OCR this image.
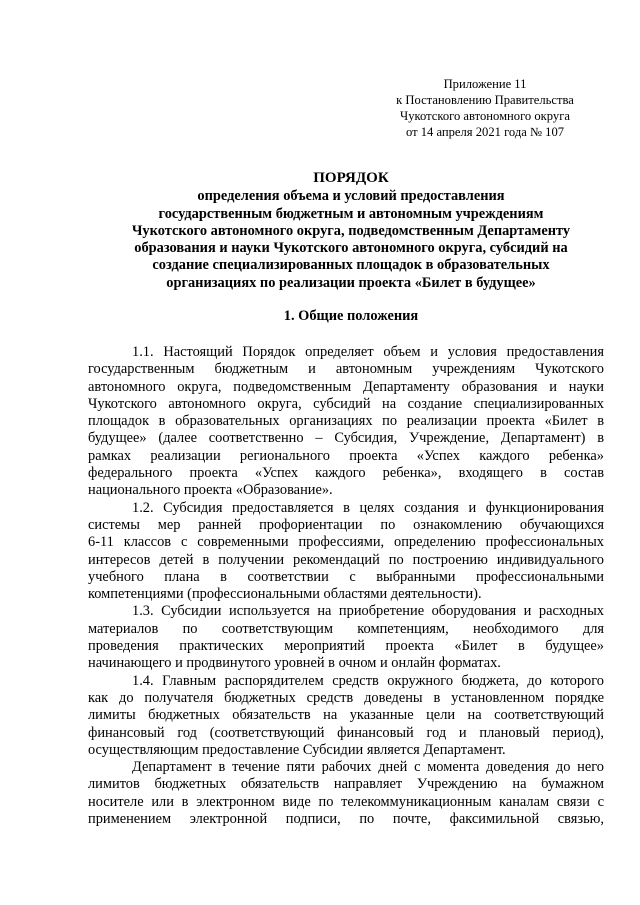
Приложение 11
к Постановлению Правительства
Чукотского автономного округа
от 14 апреля 2021 года № 107
ПОРЯДОК
определения объема и условий предоставления
государственным бюджетным и автономным учреждениям
Чукотского автономного округа, подведомственным Департаменту
образования и науки Чукотского автономного округа, субсидий на
создание специализированных площадок в образовательных
организациях по реализации проекта «Билет в будущее»
1. Общие положения
1.1. Настоящий Порядок определяет объем и условия предоставления
государственным бюджетным и автономным учреждениям Чукотского
автономного округа, подведомственным Департаменту образования и науки
Чукотского автономного округа, субсидий на создание специализированных
площадок в образовательных организациях по реализации проекта «Билет в
будущее» (далее соответственно – Субсидия, Учреждение, Департамент) в
рамках реализации регионального проекта «Успех каждого ребенка»
федерального проекта «Успех каждого ребенка», входящего в состав
национального проекта «Образование».
1.2. Субсидия предоставляется в целях создания и функционирования
системы мер ранней профориентации по ознакомлению обучающихся
6-11 классов с современными профессиями, определению профессиональных
интересов детей в получении рекомендаций по построению индивидуального
учебного плана в соответствии с выбранными профессиональными
компетенциями (профессиональными областями деятельности).
1.3. Субсидии используется на приобретение оборудования и расходных
материалов по соответствующим компетенциям, необходимого для
проведения практических мероприятий проекта «Билет в будущее»
начинающего и продвинутого уровней в очном и онлайн форматах.
1.4. Главным распорядителем средств окружного бюджета, до которого
как до получателя бюджетных средств доведены в установленном порядке
лимиты бюджетных обязательств на указанные цели на соответствующий
финансовый год (соответствующий финансовый год и плановый период),
осуществляющим предоставление Субсидии является Департамент.
Департамент в течение пяти рабочих дней с момента доведения до него
лимитов бюджетных обязательств направляет Учреждению на бумажном
носителе или в электронном виде по телекоммуникационным каналам связи с
применением электронной подписи, по почте, факсимильной связью,
